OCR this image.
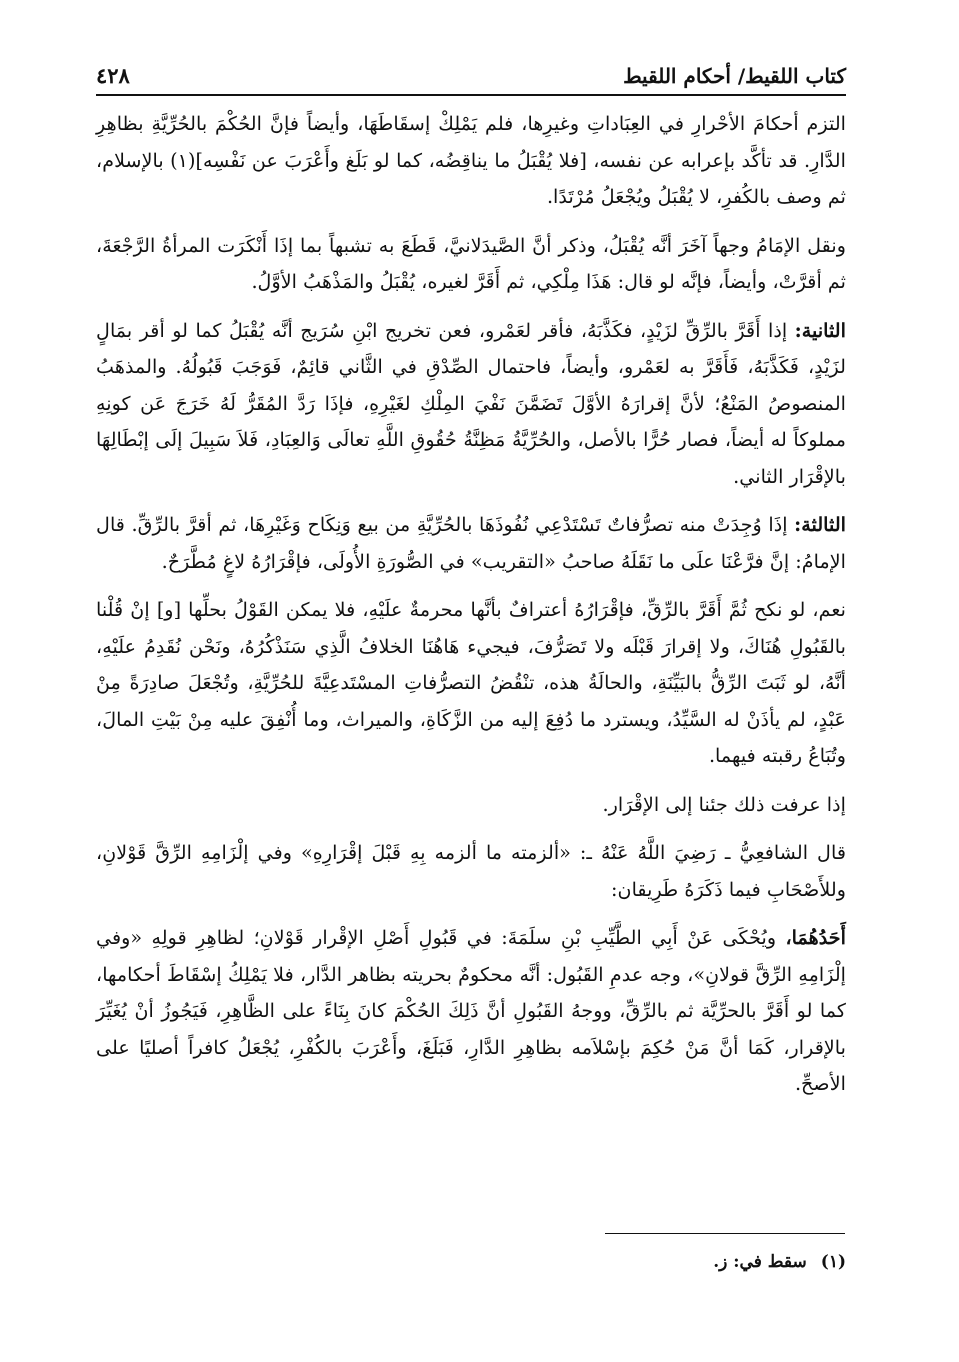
كتاب اللقيط/ أحكام اللقيط
٤٢٨

التزم أحكامَ الأحْرارِ في العِبَاداتِ وغيرِها، فلم يَمْلِكْ إسقَاطَهَا، وأيضاً فإنَّ الحُكْمَ بالحُرِّيَّةِ بظاهِرِ الدَّارِ. قد تأكَّد بإعرابه عن نفسه، [فلا يُقْبَلُ ما يناقِضُه، كما لو بَلَغ وأَعْرَبَ عن نَفْسِه](١) بالإسلام، ثم وصف بالكُفرِ، لا يُقْبَلُ ويُجْعَلُ مُرْتَدًا.

ونقل الإمَامُ وجهاً آخَرَ أنَّه يُقْبَلُ، وذكر أنَّ الصَّيدَلانيَّ، قَطَعَ به تشبهاً بما إذَا أَنْكَرَت المرأةُ الرَّجْعَةَ، ثم أقرَّتْ، وأيضاً، فإنَّه لو قال: هَذَا مِلْكِي، ثم أَقَرَّ لغيره، يُقْبَلُ والمَذْهَبُ الأوَّلُ.

الثانية: إذا أَقَرَّ بالرِّقِّ لزَيْدٍ، فكَذَّبَهُ، فأقر لعَمْرو، فعن تخريج ابْنِ سُرَيج أنَّه يُقْبَلُ كما لو أقر بمَالٍ لزَيْدٍ، فَكَذَّبَهُ، فَأَقَرَّ به لعَمْرو، وأيضاً، فاحتمال الصِّدْقِ في الثَّاني قائِمٌ، فَوَجَبَ قَبُولُهُ. والمذهَبُ المنصوصُ المَنْعُ؛ لأنَّ إقرارَهُ الأوَّلَ تَضَمَّنَ نَفْيَ المِلْكِ لغَيْرِهِ، فإذَا رَدَّ المُقَرُّ لَهُ خَرَجَ عَن كونِهِ مملوكاً له أيضاً، فصار حُرًّا بالأصل، والحُرِّيَّةُ مَظِنَّةُ حُقُوقِ اللَّهِ تعالَى وَالعِبَادِ، فَلاَ سَبِيلَ إلَى إبْطَالِهَا بالإقْرَار الثاني.

الثالثة: إذَا وُجِدَتْ منه تصرُّفاتٌ تَسْتَدْعِي نُفُوذَهَا بالحُرِّيَّةِ من بيع وَنِكَاح وَغَيْرِهَا، ثم أقرَّ بالرِّقِّ. قال الإمامُ: إنَّ فرَّعْنَا علَى ما نَقَلَهُ صاحبُ «التقريب» في الصُّورَةِ الأُولَى، فإقْرَارُهُ لاغٍ مُطَّرَحٌ.

نعم، لو نكح ثُمَّ أَقَرَّ بالرِّقِّ، فإقْرَارُهُ أعترافٌ بأنَّها محرمةٌ علَيْهِ، فلا يمكن القَوْلُ بحلِّها [و] إنْ قُلْنا بالقَبُولِ هُنَاكَ، ولا إقرارَ قَبْلَه ولا تَصَرُّفَ، فيجيء هَاهُنَا الخلافُ الَّذِي سَنَذْكُرُهُ، ونَحْن نُقَدِمُ علَيْهِ، أنَّهُ، لو ثَبَتَ الرِّقُّ بالبَيِّنَةِ، والحالَةُ هذه، تنْقُضُ التصرُّفاتِ المسْتَدعِيَّةَ للحُرِّيَّةِ، وتُجْعَلَ صادِرَةً مِنْ عَبْدٍ، لم يأذَنْ له السَّيِّدُ، ويسترد ما دُفِعَ إليه من الزَّكَاةِ، والميراث، وما أُنْفِقَ عليه مِنْ بَيْتِ المالَ، وتُبَاعُ رقبته فيهما.

إذا عرفت ذلك جئنا إلى الإقْرَار.

قال الشافعِيُّ ـ رَضِيَ اللَّهُ عَنْهُ ـ: «ألزمته ما ألزمه بِهِ قَبْلَ إقْرَارِهِ» وفي إلْزَامِهِ الرِّقَّ قَوْلانِ، وللأَصْحَابِ فيما ذَكَرَهُ طَرِيقان:

أَحَدُهُمَا، ويُحْكَى عَنْ أَبِي الطَّيِّبِ بْنِ سلَمَةَ: في قَبُولِ أَصْلِ الإقْرار قَوْلانِ؛ لظاهِرِ قولِهِ «وفي إلْزَامِهِ الرِّقَّ قولانِ»، وجه عدمِ القَبُول: أنَّه محكومٌ بحريته بظاهر الدَّار، فلا يَمْلِكُ إسْقَاطَ أحكامها، كما لو أَقَرَّ بالحرِّيَّة ثم بالرِّقِّ، ووجهُ القَبُولِ أنَّ ذَلِكَ الحُكْمَ كانَ بِنَاءً على الظَّاهِرِ، فَيَجُوزُ أنْ يُغَيِّرَ بالإقرار، كَمَا أنَّ مَنْ حُكِمَ بإسْلاَمه بظاهِرِ الدَّارِ، فَبَلَغَ، وأَعْرَبَ بالكُفْرِ، يُجْعَلُ كافراً أصليًا على الأصحِّ.

(١)سقط في: ز.
